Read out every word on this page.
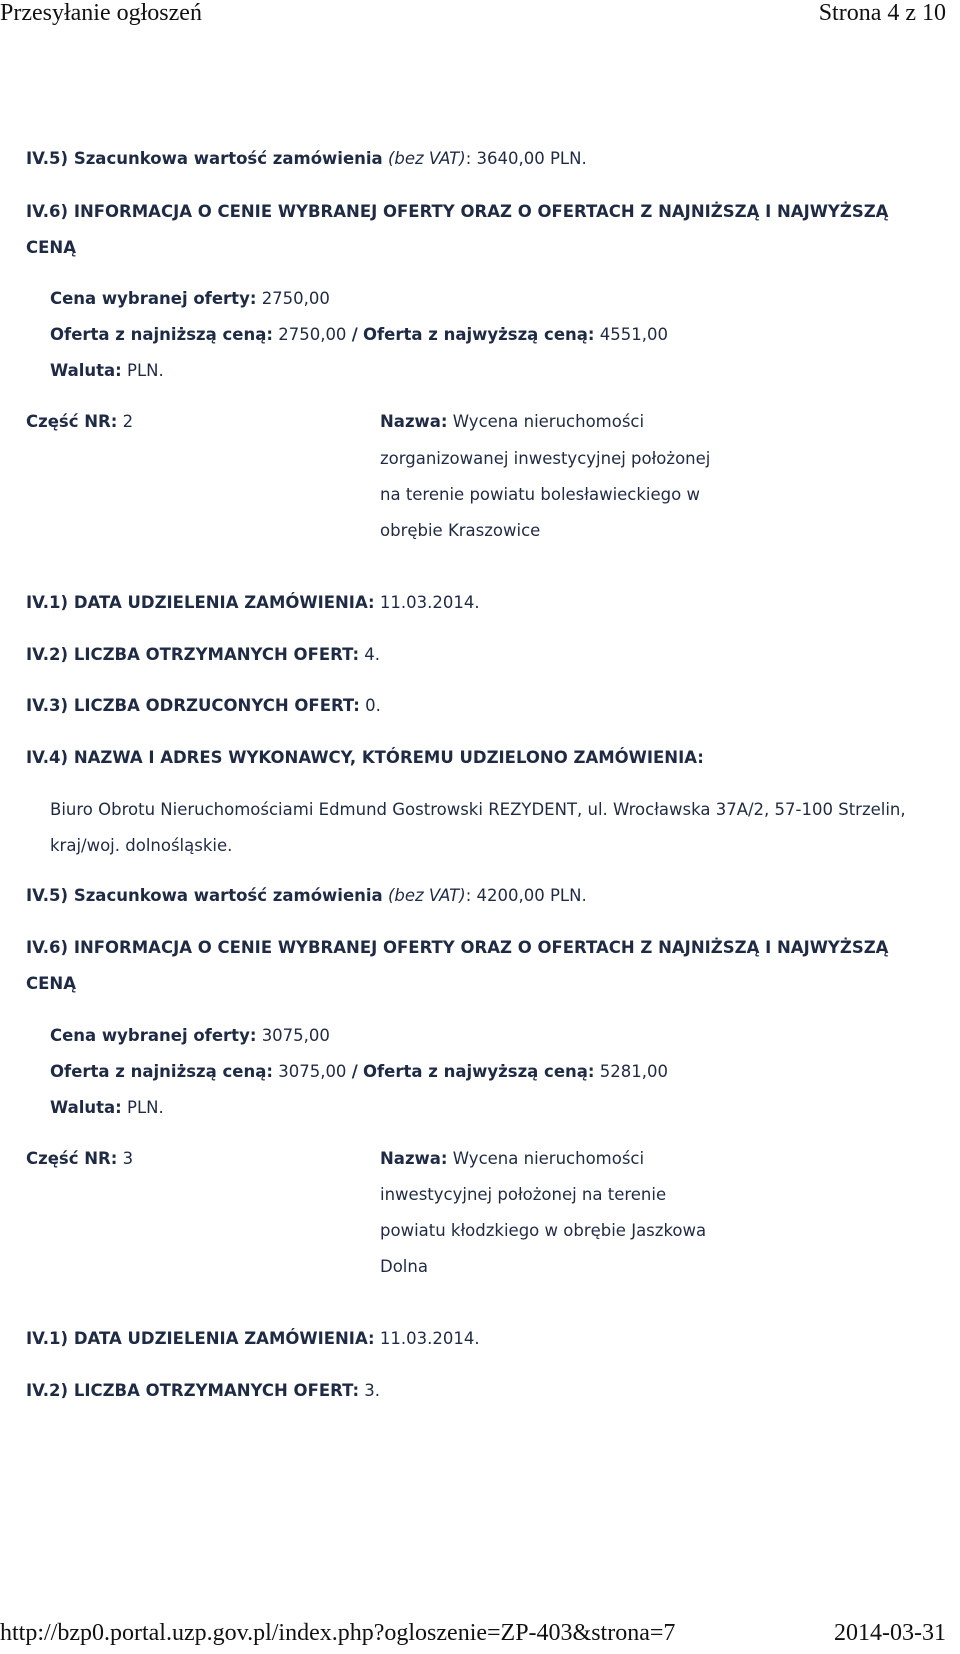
Przesyłanie ogłoszeń	Strona 4 z 10
IV.5) Szacunkowa wartość zamówienia (bez VAT): 3640,00 PLN.
IV.6) INFORMACJA O CENIE WYBRANEJ OFERTY ORAZ O OFERTACH Z NAJNIŻSZĄ I NAJWYŻSZĄ
CENĄ
Cena wybranej oferty: 2750,00
Oferta z najniższą ceną: 2750,00 / Oferta z najwyższą ceną: 4551,00
Waluta: PLN.
Część NR: 2	Nazwa: Wycena nieruchomości
zorganizowanej inwestycyjnej położonej
na terenie powiatu bolesławieckiego w
obrębie Kraszowice
IV.1) DATA UDZIELENIA ZAMÓWIENIA: 11.03.2014.
IV.2) LICZBA OTRZYMANYCH OFERT: 4.
IV.3) LICZBA ODRZUCONYCH OFERT: 0.
IV.4) NAZWA I ADRES WYKONAWCY, KTÓREMU UDZIELONO ZAMÓWIENIA:
Biuro Obrotu Nieruchomościami Edmund Gostrowski REZYDENT, ul. Wrocławska 37A/2, 57-100 Strzelin,
kraj/woj. dolnośląskie.
IV.5) Szacunkowa wartość zamówienia (bez VAT): 4200,00 PLN.
IV.6) INFORMACJA O CENIE WYBRANEJ OFERTY ORAZ O OFERTACH Z NAJNIŻSZĄ I NAJWYŻSZĄ
CENĄ
Cena wybranej oferty: 3075,00
Oferta z najniższą ceną: 3075,00 / Oferta z najwyższą ceną: 5281,00
Waluta: PLN.
Część NR: 3	Nazwa: Wycena nieruchomości
inwestycyjnej położonej na terenie
powiatu kłodzkiego w obrębie Jaszkowa
Dolna
IV.1) DATA UDZIELENIA ZAMÓWIENIA: 11.03.2014.
IV.2) LICZBA OTRZYMANYCH OFERT: 3.
http://bzp0.portal.uzp.gov.pl/index.php?ogloszenie=ZP-403&strona=7	2014-03-31
